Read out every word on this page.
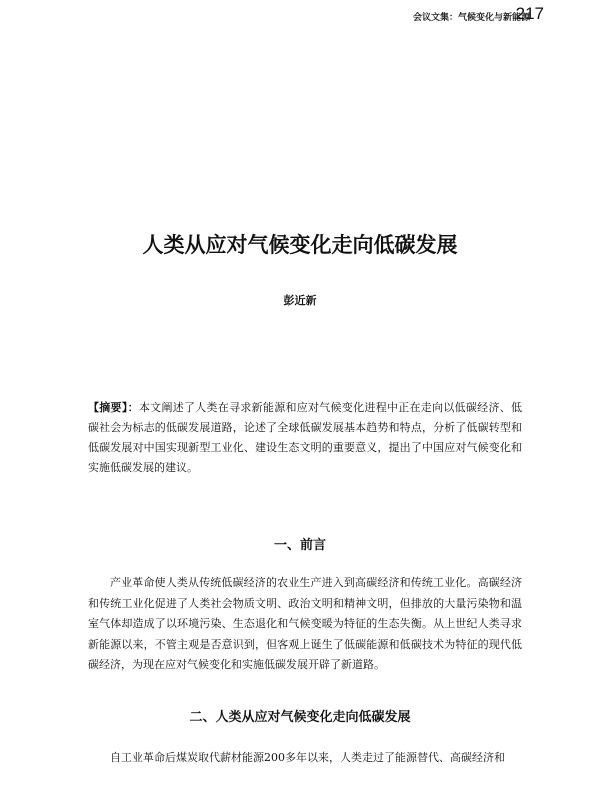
会议文集：气候变化与新能源
217
人类从应对气候变化走向低碳发展
彭近新
【摘要】：本文阐述了人类在寻求新能源和应对气候变化进程中正在走向以低碳经济、低碳社会为标志的低碳发展道路，论述了全球低碳发展基本趋势和特点，分析了低碳转型和低碳发展对中国实现新型工业化、建设生态文明的重要意义，提出了中国应对气候变化和实施低碳发展的建议。
一、前言
产业革命使人类从传统低碳经济的农业生产进入到高碳经济和传统工业化。高碳经济和传统工业化促进了人类社会物质文明、政治文明和精神文明，但排放的大量污染物和温室气体却造成了以环境污染、生态退化和气候变暖为特征的生态失衡。从上世纪人类寻求新能源以来，不管主观是否意识到，但客观上诞生了低碳能源和低碳技术为特征的现代低碳经济，为现在应对气候变化和实施低碳发展开辟了新道路。
二、人类从应对气候变化走向低碳发展
自工业革命后煤炭取代薪材能源200多年以来，人类走过了能源替代、高碳经济和
